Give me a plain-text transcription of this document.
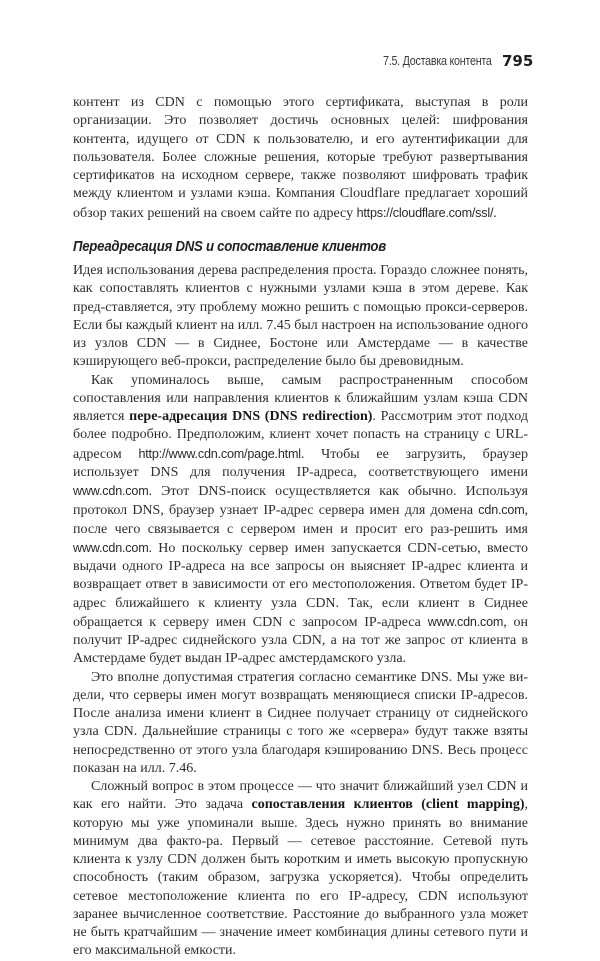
7.5. Доставка контента 795

контент из CDN с помощью этого сертификата, выступая в роли организации. Это позволяет достичь основных целей: шифрования контента, идущего от CDN к пользователю, и его аутентификации для пользователя. Более сложные решения, которые требуют развертывания сертификатов на исходном сервере, также позволяют шифровать трафик между клиентом и узлами кэша. Компания Cloudflare предлагает хороший обзор таких решений на своем сайте по адресу https://cloudflare.com/ssl/.

Переадресация DNS и сопоставление клиентов

Идея использования дерева распределения проста. Гораздо сложнее понять, как сопоставлять клиентов с нужными узлами кэша в этом дереве. Как пред-ставляется, эту проблему можно решить с помощью прокси-серверов. Если бы каждый клиент на илл. 7.45 был настроен на использование одного из узлов CDN — в Сиднее, Бостоне или Амстердаме — в качестве кэширующего веб-прокси, распределение было бы древовидным.

Как упоминалось выше, самым распространенным способом сопоставления или направления клиентов к ближайшим узлам кэша CDN является пере-адресация DNS (DNS redirection). Рассмотрим этот подход более подробно. Предположим, клиент хочет попасть на страницу с URL-адресом http://www.cdn.com/page.html. Чтобы ее загрузить, браузер использует DNS для получения IP-адреса, соответствующего имени www.cdn.com. Этот DNS-поиск осуществляется как обычно. Используя протокол DNS, браузер узнает IP-адрес сервера имен для домена cdn.com, после чего связывается с сервером имен и просит его раз-решить имя www.cdn.com. Но поскольку сервер имен запускается CDN-сетью, вместо выдачи одного IP-адреса на все запросы он выясняет IP-адрес клиента и возвращает ответ в зависимости от его местоположения. Ответом будет IP-адрес ближайшего к клиенту узла CDN. Так, если клиент в Сиднее обращается к серверу имен CDN с запросом IP-адреса www.cdn.com, он получит IP-адрес сиднейского узла CDN, а на тот же запрос от клиента в Амстердаме будет выдан IP-адрес амстердамского узла.

Это вполне допустимая стратегия согласно семантике DNS. Мы уже ви-дели, что серверы имен могут возвращать меняющиеся списки IP-адресов. После анализа имени клиент в Сиднее получает страницу от сиднейского узла CDN. Дальнейшие страницы с того же «сервера» будут также взяты непосредственно от этого узла благодаря кэшированию DNS. Весь процесс показан на илл. 7.46.

Сложный вопрос в этом процессе — что значит ближайший узел CDN и как его найти. Это задача сопоставления клиентов (client mapping), которую мы уже упоминали выше. Здесь нужно принять во внимание минимум два факто-ра. Первый — сетевое расстояние. Сетевой путь клиента к узлу CDN должен быть коротким и иметь высокую пропускную способность (таким образом, загрузка ускоряется). Чтобы определить сетевое местоположение клиента по его IP-адресу, CDN используют заранее вычисленное соответствие. Расстояние до выбранного узла может не быть кратчайшим — значение имеет комбинация длины сетевого пути и его максимальной емкости.
